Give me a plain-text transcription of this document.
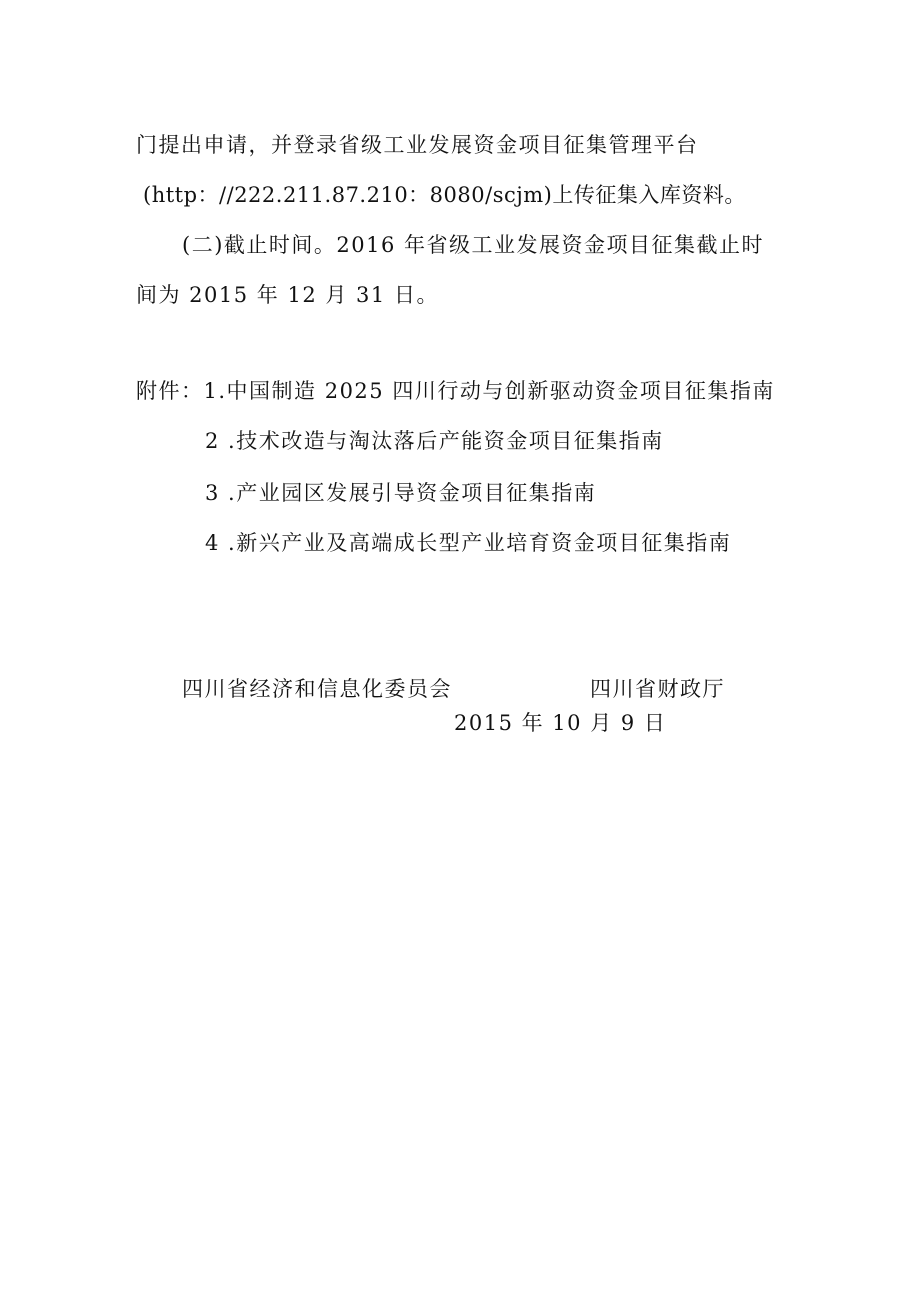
门提出申请，并登录省级工业发展资金项目征集管理平台
(http：//222.211.87.210：8080/scjm)上传征集入库资料。
(二)截止时间。2016 年省级工业发展资金项目征集截止时
间为 2015 年 12 月 31 日。
附件：1.中国制造 2025 四川行动与创新驱动资金项目征集指南
2 .技术改造与淘汰落后产能资金项目征集指南
3 .产业园区发展引导资金项目征集指南
4 .新兴产业及高端成长型产业培育资金项目征集指南
四川省经济和信息化委员会	四川省财政厅
2015 年 10 月 9 日
